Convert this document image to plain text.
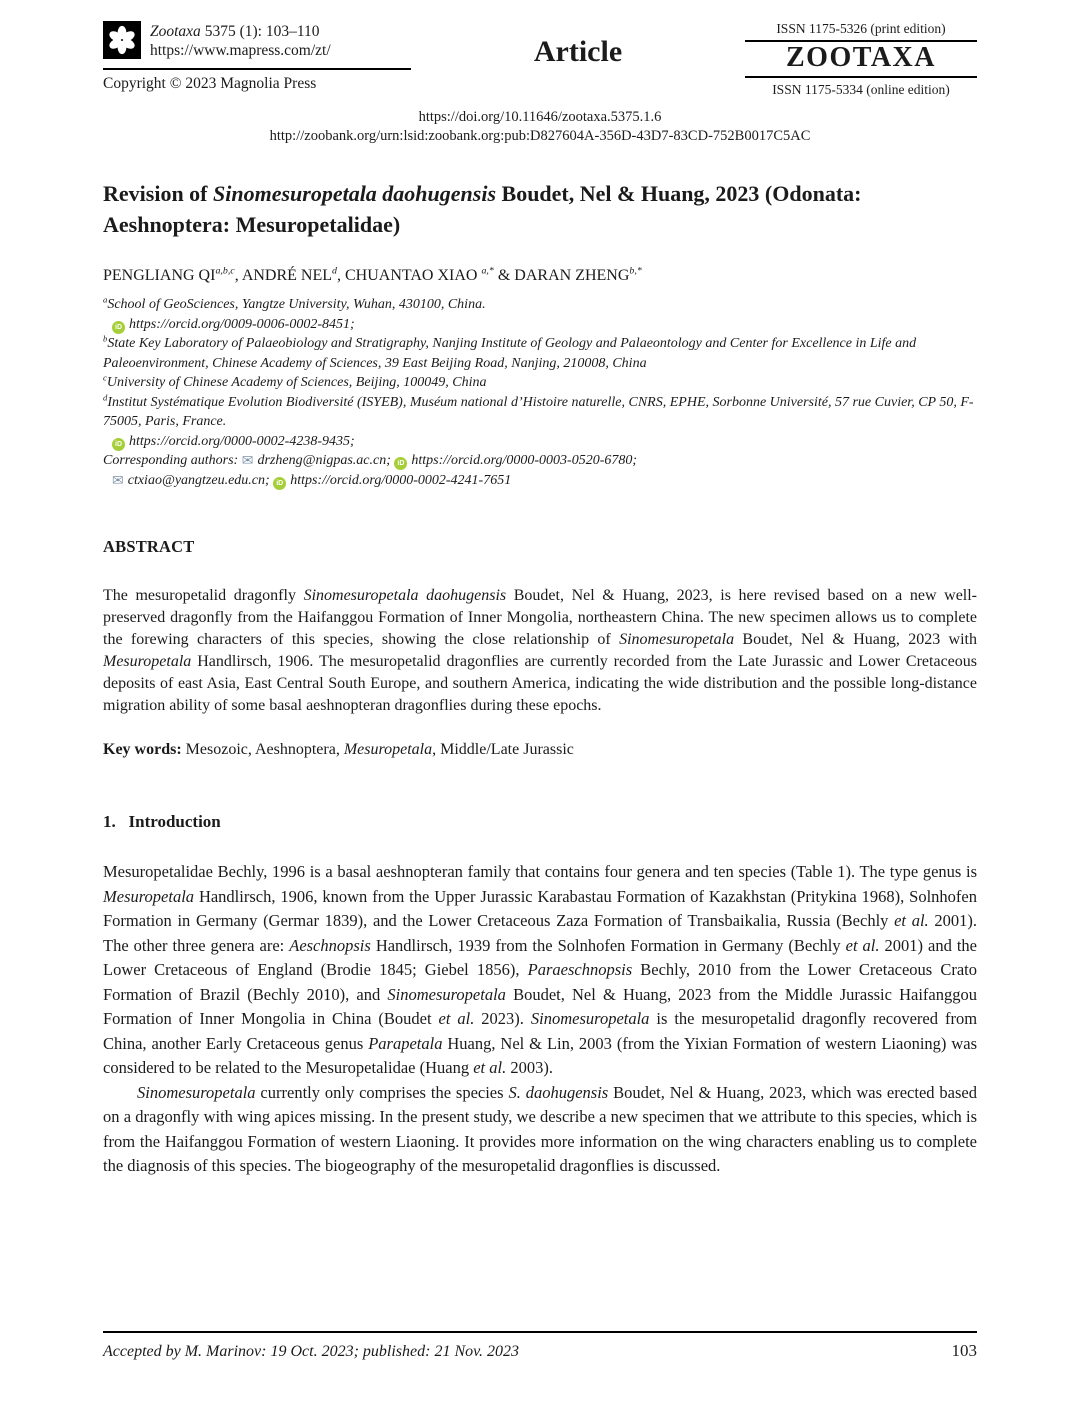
Zootaxa 5375 (1): 103–110
https://www.mapress.com/zt/
Copyright © 2023 Magnolia Press
Article
ISSN 1175-5326 (print edition)
ZOOTAXA
ISSN 1175-5334 (online edition)
https://doi.org/10.11646/zootaxa.5375.1.6
http://zoobank.org/urn:lsid:zoobank.org:pub:D827604A-356D-43D7-83CD-752B0017C5AC
Revision of Sinomesuropetala daohugensis Boudet, Nel & Huang, 2023 (Odonata: Aeshnoptera: Mesuropetalidae)
PENGLIANG QI$^{a,b,c}$, ANDRÉ NEL$^d$, CHUANTAO XIAO $^{a,*}$ & DARAN $ZHENG^{b,*}$
$^a$School of GeoSciences, Yangtze University, Wuhan, 430100, China.
iD https://orcid.org/0009-0006-0002-8451;
$^b$State Key Laboratory of Palaeobiology and Stratigraphy, Nanjing Institute of Geology and Palaeontology and Center for Excellence in Life and Paleoenvironment, Chinese Academy of Sciences, 39 East Beijing Road, Nanjing, 210008, China
$^c$University of Chinese Academy of Sciences, Beijing, 100049, China
$^d$Institut Systématique Evolution Biodiversité (ISYEB), Muséum national d’Histoire naturelle, CNRS, EPHE, Sorbonne Université, 57 rue Cuvier, CP 50, F-75005, Paris, France.
iD https://orcid.org/0000-0002-4238-9435;
Corresponding authors: ✉ drzheng@nigpas.ac.cn; iD https://orcid.org/0000-0003-0520-6780;
✉ ctxiao@yangtzeu.edu.cn; iD https://orcid.org/0000-0002-4241-7651
ABSTRACT

The mesuropetalid dragonfly Sinomesuropetala daohugensis Boudet, Nel & Huang, 2023, is here revised based on a new well-preserved dragonfly from the Haifanggou Formation of Inner Mongolia, northeastern China. The new specimen allows us to complete the forewing characters of this species, showing the close relationship of Sinomesuropetala Boudet, Nel & Huang, 2023 with Mesuropetala Handlirsch, 1906. The mesuropetalid dragonflies are currently recorded from the Late Jurassic and Lower Cretaceous deposits of east Asia, East Central South Europe, and southern America, indicating the wide distribution and the possible long-distance migration ability of some basal aeshnopteran dragonflies during these epochs.

Key words: Mesozoic, Aeshnoptera, Mesuropetala, Middle/Late Jurassic

1.   Introduction

Mesuropetalidae Bechly, 1996 is a basal aeshnopteran family that contains four genera and ten species (Table 1). The type genus is Mesuropetala Handlirsch, 1906, known from the Upper Jurassic Karabastau Formation of Kazakhstan (Pritykina 1968), Solnhofen Formation in Germany (Germar 1839), and the Lower Cretaceous Zaza Formation of Transbaikalia, Russia (Bechly et al. 2001). The other three genera are: Aeschnopsis Handlirsch, 1939 from the Solnhofen Formation in Germany (Bechly et al. 2001) and the Lower Cretaceous of England (Brodie 1845; Giebel 1856), Paraeschnopsis Bechly, 2010 from the Lower Cretaceous Crato Formation of Brazil (Bechly 2010), and Sinomesuropetala Boudet, Nel & Huang, 2023 from the Middle Jurassic Haifanggou Formation of Inner Mongolia in China (Boudet et al. 2023). Sinomesuropetala is the mesuropetalid dragonfly recovered from China, another Early Cretaceous genus Parapetala Huang, Nel & Lin, 2003 (from the Yixian Formation of western Liaoning) was considered to be related to the Mesuropetalidae (Huang et al. 2003).

Sinomesuropetala currently only comprises the species S. daohugensis Boudet, Nel & Huang, 2023, which was erected based on a dragonfly with wing apices missing. In the present study, we describe a new specimen that we attribute to this species, which is from the Haifanggou Formation of western Liaoning. It provides more information on the wing characters enabling us to complete the diagnosis of this species. The biogeography of the mesuropetalid dragonflies is discussed.

Accepted by M. Marinov: 19 Oct. 2023; published: 21 Nov. 2023	103
